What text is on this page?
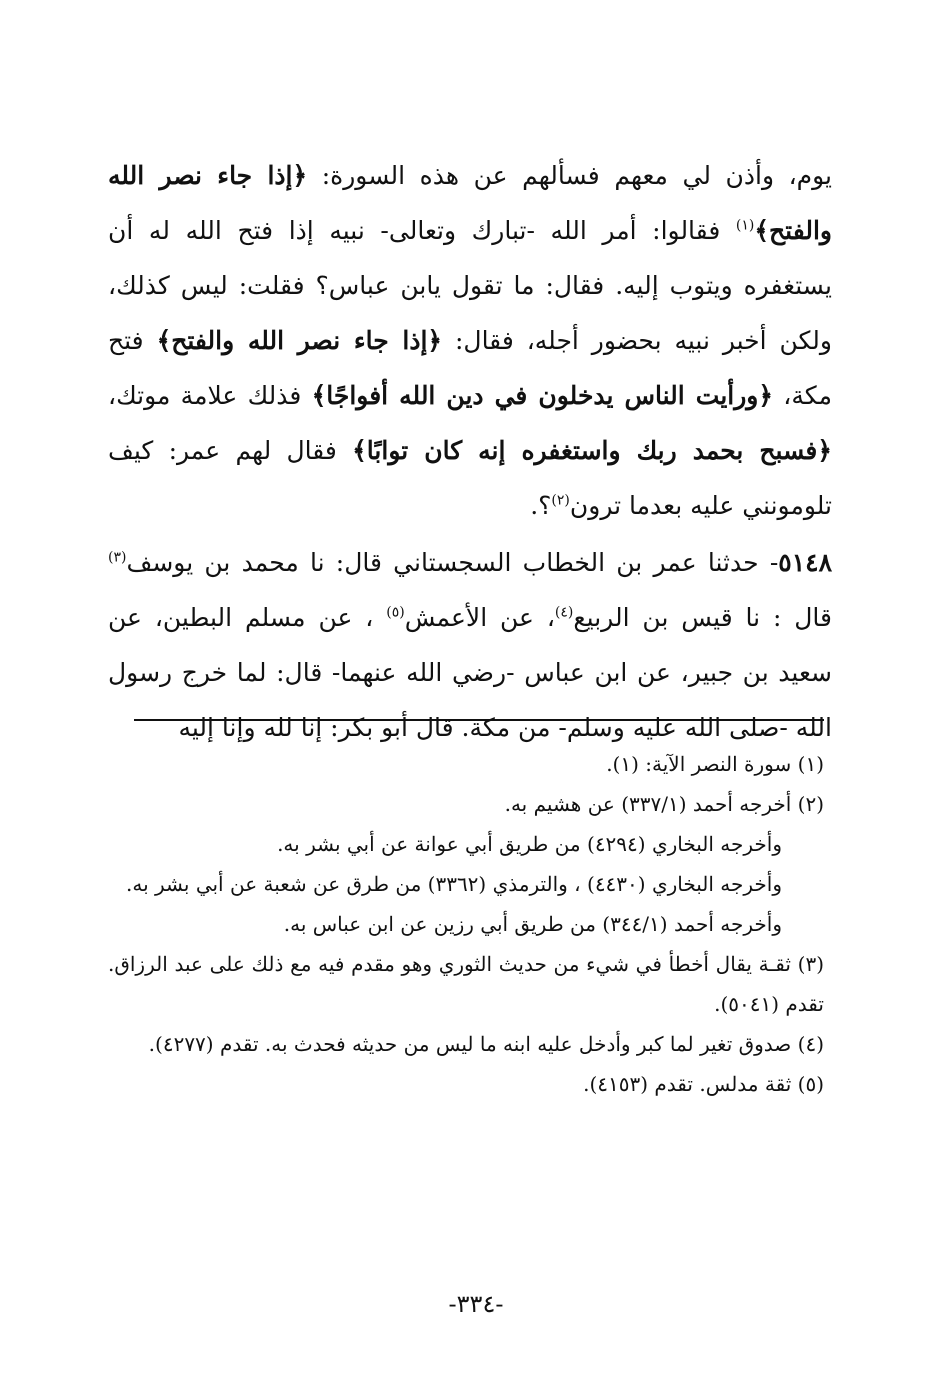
يوم، وأذن لي معهم فسألهم عن هذه السورة: ﴿إذا جاء نصر الله والفتح﴾$^{(١)}$ فقالوا: أمر الله -تبارك وتعالى- نبيه إذا فتح الله له أن يستغفره ويتوب إليه. فقال: ما تقول يابن عباس؟ فقلت: ليس كذلك، ولكن أخبر نبيه بحضور أجله، فقال: ﴿إذا جاء نصر الله والفتح﴾ فتح مكة، ﴿ورأيت الناس يدخلون في دين الله أفواجًا﴾ فذلك علامة موتك، ﴿فسبح بحمد ربك واستغفره إنه كان توابًا﴾ فقال لهم عمر: كيف تلومونني عليه بعدما ترون$^{(٢)}$؟.

٥١٤٨- حدثنا عمر بن الخطاب السجستاني قال: نا محمد بن يوسف$^{(٣)}$ قال : نا قيس بن الربيع$^{(٤)}$، عن الأعمش$^{(٥)}$ ، عن مسلم البطين، عن سعيد بن جبير، عن ابن عباس -رضي الله عنهما- قال: لما خرج رسول الله -صلى الله عليه وسلم- من مكة. قال أبو بكر: إنا لله وإنا إليه

(١) سورة النصر الآية: (١).

(٢) أخرجه أحمد (٣٣٧/١) عن هشيم به.

وأخرجه البخاري (٤٢٩٤) من طريق أبي عوانة عن أبي بشر به.

وأخرجه البخاري (٤٤٣٠) ، والترمذي (٣٣٦٢) من طرق عن شعبة عن أبي بشر به.

وأخرجه أحمد (٣٤٤/١) من طريق أبي رزين عن ابن عباس به.

(٣) ثقـة يقال أخطأ في شيء من حديث الثوري وهو مقدم فيه مع ذلك على عبد الرزاق. تقدم (٥٠٤١).

(٤) صدوق تغير لما كبر وأدخل عليه ابنه ما ليس من حديثه فحدث به. تقدم (٤٢٧٧).

(٥) ثقة مدلس. تقدم (٤١٥٣).

-٣٣٤-
